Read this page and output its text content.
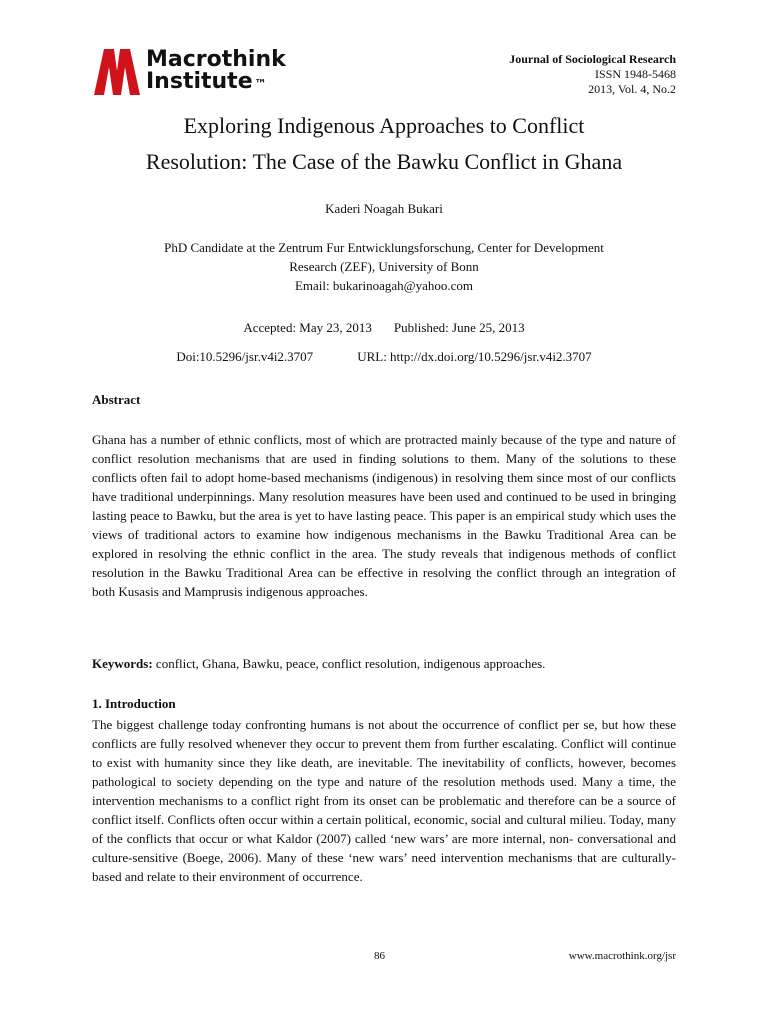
Macrothink
Institute ™
Journal of Sociological Research
ISSN 1948-5468
2013, Vol. 4, No.2
Exploring Indigenous Approaches to Conflict
Resolution: The Case of the Bawku Conflict in Ghana
Kaderi Noagah Bukari
PhD Candidate at the Zentrum Fur Entwicklungsforschung, Center for Development
Research (ZEF), University of Bonn
Email: bukarinoagah@yahoo.com
Accepted: May 23, 2013 Published: June 25, 2013
Doi:10.5296/jsr.v4i2.3707	URL: http://dx.doi.org/10.5296/jsr.v4i2.3707
Abstract

Ghana has a number of ethnic conflicts, most of which are protracted mainly because of the type and nature of conflict resolution mechanisms that are used in finding solutions to them. Many of the solutions to these conflicts often fail to adopt home-based mechanisms (indigenous) in resolving them since most of our conflicts have traditional underpinnings. Many resolution measures have been used and continued to be used in bringing lasting peace to Bawku, but the area is yet to have lasting peace. This paper is an empirical study which uses the views of traditional actors to examine how indigenous mechanisms in the Bawku Traditional Area can be explored in resolving the ethnic conflict in the area. The study reveals that indigenous methods of conflict resolution in the Bawku Traditional Area can be effective in resolving the conflict through an integration of both Kusasis and Mamprusis indigenous approaches.

Keywords: conflict, Ghana, Bawku, peace, conflict resolution, indigenous approaches.
1. Introduction

The biggest challenge today confronting humans is not about the occurrence of conflict per se, but how these conflicts are fully resolved whenever they occur to prevent them from further escalating. Conflict will continue to exist with humanity since they like death, are inevitable. The inevitability of conflicts, however, becomes pathological to society depending on the type and nature of the resolution methods used. Many a time, the intervention mechanisms to a conflict right from its onset can be problematic and therefore can be a source of conflict itself. Conflicts often occur within a certain political, economic, social and cultural milieu. Today, many of the conflicts that occur or what Kaldor (2007) called ‘new wars’ are more internal, non- conversational and culture-sensitive (Boege, 2006). Many of these ‘new wars’ need intervention mechanisms that are culturally-based and relate to their environment of occurrence.

86	www.macrothink.org/jsr
